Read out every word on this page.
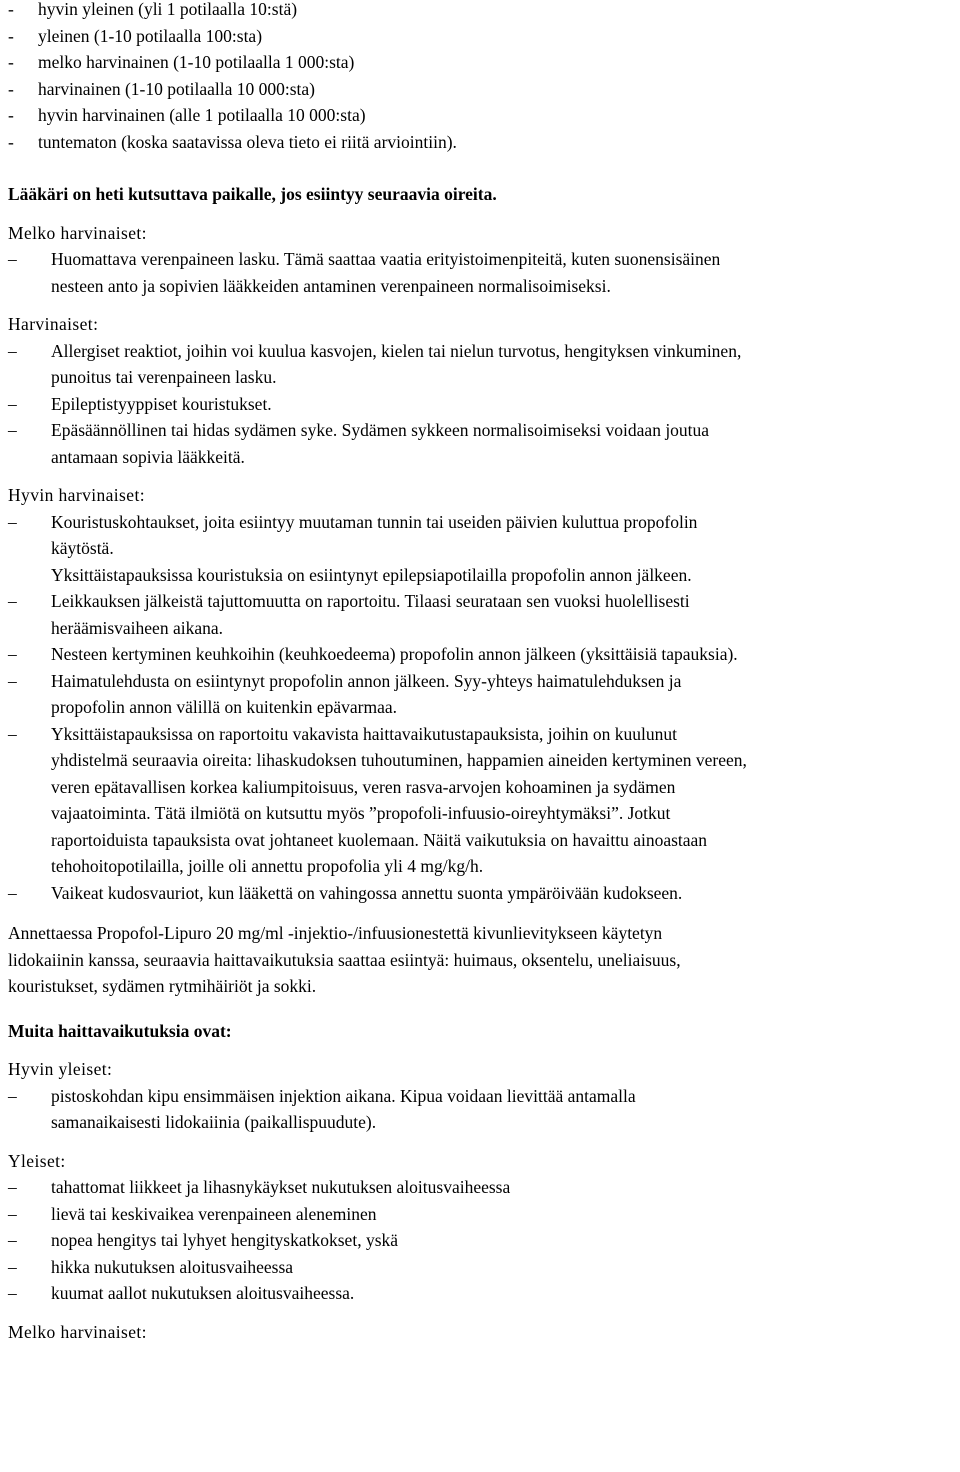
-	hyvin yleinen (yli 1 potilaalla 10:stä)
-	yleinen (1-10 potilaalla 100:sta)
-	melko harvinainen (1-10 potilaalla 1 000:sta)
-	harvinainen (1-10 potilaalla 10 000:sta)
-	hyvin harvinainen (alle 1 potilaalla 10 000:sta)
-	tuntematon (koska saatavissa oleva tieto ei riitä arviointiin).
Lääkäri on heti kutsuttava paikalle, jos esiintyy seuraavia oireita.
Melko harvinaiset:
–	Huomattava verenpaineen lasku. Tämä saattaa vaatia erityistoimenpiteitä, kuten suonensisäinen
nesteen anto ja sopivien lääkkeiden antaminen verenpaineen normalisoimiseksi.
Harvinaiset:
–	Allergiset reaktiot, joihin voi kuulua kasvojen, kielen tai nielun turvotus, hengityksen vinkuminen,
punoitus tai verenpaineen lasku.
–	Epileptistyyppiset kouristukset.
–	Epäsäännöllinen tai hidas sydämen syke. Sydämen sykkeen normalisoimiseksi voidaan joutua
antamaan sopivia lääkkeitä.
Hyvin harvinaiset:
–	Kouristuskohtaukset, joita esiintyy muutaman tunnin tai useiden päivien kuluttua propofolin
käytöstä.
Yksittäistapauksissa kouristuksia on esiintynyt epilepsiapotilailla propofolin annon jälkeen.
–	Leikkauksen jälkeistä tajuttomuutta on raportoitu. Tilaasi seurataan sen vuoksi huolellisesti
heräämisvaiheen aikana.
–	Nesteen kertyminen keuhkoihin (keuhkoedeema) propofolin annon jälkeen (yksittäisiä tapauksia).
–	Haimatulehdusta on esiintynyt propofolin annon jälkeen. Syy-yhteys haimatulehduksen ja
propofolin annon välillä on kuitenkin epävarmaa.
–	Yksittäistapauksissa on raportoitu vakavista haittavaikutustapauksista, joihin on kuulunut
yhdistelmä seuraavia oireita: lihaskudoksen tuhoutuminen, happamien aineiden kertyminen vereen,
veren epätavallisen korkea kaliumpitoisuus, veren rasva-arvojen kohoaminen ja sydämen
vajaatoiminta. Tätä ilmiötä on kutsuttu myös ”propofoli-infuusio-oireyhtymäksi”. Jotkut
raportoiduista tapauksista ovat johtaneet kuolemaan. Näitä vaikutuksia on havaittu ainoastaan
tehohoitopotilailla, joille oli annettu propofolia yli 4 mg/kg/h.
–	Vaikeat kudosvauriot, kun lääkettä on vahingossa annettu suonta ympäröivään kudokseen.
Annettaessa Propofol-Lipuro 20 mg/ml -injektio-/infuusionestettä kivunlievitykseen käytetyn
lidokaiinin kanssa, seuraavia haittavaikutuksia saattaa esiintyä: huimaus, oksentelu, uneliaisuus,
kouristukset, sydämen rytmihäiriöt ja sokki.
Muita haittavaikutuksia ovat:
Hyvin yleiset:
–	pistoskohdan kipu ensimmäisen injektion aikana. Kipua voidaan lievittää antamalla
samanaikaisesti lidokaiinia (paikallispuudute).
Yleiset:
–	tahattomat liikkeet ja lihasnykäykset nukutuksen aloitusvaiheessa
–	lievä tai keskivaikea verenpaineen aleneminen
–	nopea hengitys tai lyhyet hengityskatkokset, yskä
–	hikka nukutuksen aloitusvaiheessa
–	kuumat aallot nukutuksen aloitusvaiheessa.
Melko harvinaiset:
